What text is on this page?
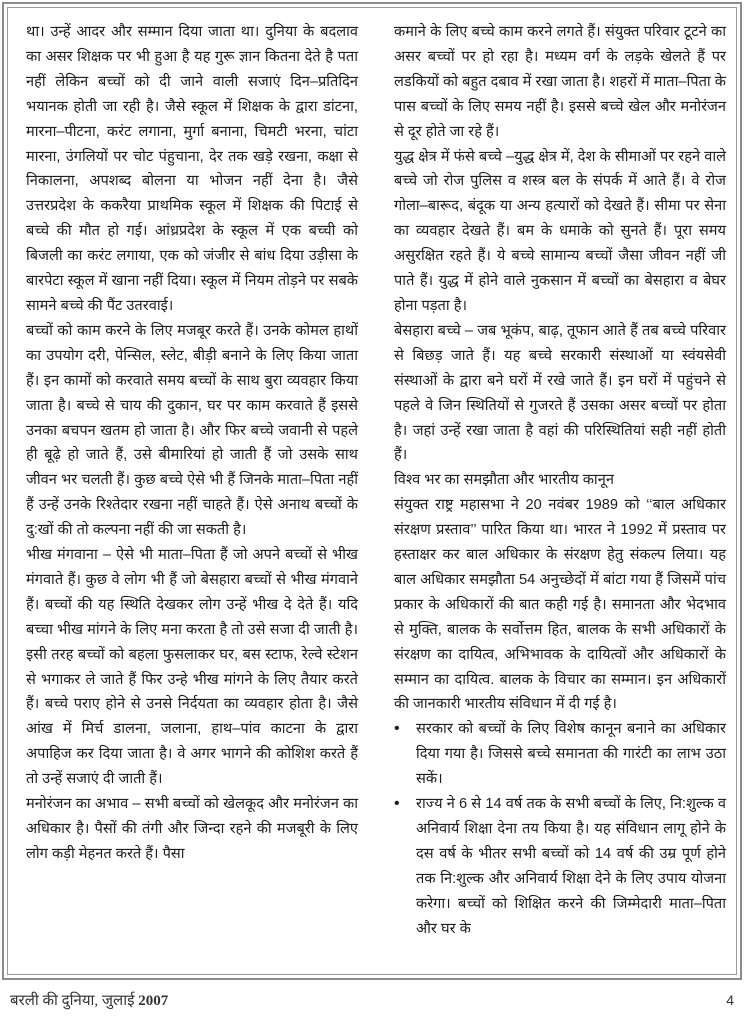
था। उन्हें आदर और सम्मान दिया जाता था। दुनिया के बदलाव का असर शिक्षक पर भी हुआ है यह गुरू ज्ञान कितना देते है पता नहीं लेकिन बच्चों को दी जाने वाली सजाएं दिन–प्रतिदिन भयानक होती जा रही है। जैसे स्कूल में शिक्षक के द्वारा डांटना, मारना–पीटना, करंट लगाना, मुर्गा बनाना, चिमटी भरना, चांटा मारना, उंगलियों पर चोट पंहुचाना, देर तक खड़े रखना, कक्षा से निकालना, अपशब्द बोलना या भोजन नहीं देना है। जैसे उत्तरप्रदेश के ककरैया प्राथमिक स्कूल में शिक्षक की पिटाई से बच्चे की मौत हो गई। आंध्रप्रदेश के स्कूल में एक बच्ची को बिजली का करंट लगाया, एक को जंजीर से बांध दिया उड़ीसा के बारपेटा स्कूल में खाना नहीं दिया। स्कूल में नियम तोड़ने पर सबके सामने बच्चे की पैंट उतरवाई।

बच्चों को काम करने के लिए मजबूर करते हैं। उनके कोमल हाथों का उपयोग दरी, पेन्सिल, स्लेट, बीड़ी बनाने के लिए किया जाता हैं। इन कामों को करवाते समय बच्चों के साथ बुरा व्यवहार किया जाता है। बच्चे से चाय की दुकान, घर पर काम करवाते हैं इससे उनका बचपन खतम हो जाता है। और फिर बच्चे जवानी से पहले ही बूढ़े हो जाते हैं, उसे बीमारियां हो जाती हैं जो उसके साथ जीवन भर चलती हैं। कुछ बच्चे ऐसे भी हैं जिनके माता–पिता नहीं हैं उन्हें उनके रिश्तेदार रखना नहीं चाहते हैं। ऐसे अनाथ बच्चों के दु:खों की तो कल्पना नहीं की जा सकती है।

भीख मंगवाना – ऐसे भी माता–पिता हैं जो अपने बच्चों से भीख मंगवाते हैं। कुछ वे लोग भी हैं जो बेसहारा बच्चों से भीख मंगवाने हैं। बच्चों की यह स्थिति देखकर लोग उन्हें भीख दे देते हैं। यदि बच्चा भीख मांगने के लिए मना करता है तो उसे सजा दी जाती है। इसी तरह बच्चों को बहला फुसलाकर घर, बस स्टाफ, रेल्वे स्टेशन से भगाकर ले जाते हैं फिर उन्हे भीख मांगने के लिए तैयार करते हैं। बच्चे पराए होने से उनसे निर्दयता का व्यवहार होता है। जैसे आंख में मिर्च डालना, जलाना, हाथ–पांव काटना के द्वारा अपाहिज कर दिया जाता है। वे अगर भागने की कोशिश करते हैं तो उन्हें सजाएं दी जाती हैं।

मनोरंजन का अभाव – सभी बच्चों को खेलकूद और मनोरंजन का अधिकार है। पैसों की तंगी और जिन्दा रहने की मजबूरी के लिए लोग कड़ी मेहनत करते हैं। पैसा

कमाने के लिए बच्चे काम करने लगते हैं। संयुक्त परिवार टूटने का असर बच्चों पर हो रहा है। मध्यम वर्ग के लड़के खेलते हैं पर लडकियों को बहुत दबाव में रखा जाता है। शहरों में माता–पिता के पास बच्चों के लिए समय नहीं है। इससे बच्चे खेल और मनोरंजन से दूर होते जा रहे हैं।

युद्ध क्षेत्र में फंसे बच्चे –युद्ध क्षेत्र में, देश के सीमाओं पर रहने वाले बच्चे जो रोज पुलिस व शस्त्र बल के संपर्क में आते हैं। वे रोज गोला–बारूद, बंदूक या अन्य हत्यारों को देखते हैं। सीमा पर सेना का व्यवहार देखते हैं। बम के धमाके को सुनते हैं। पूरा समय असुरक्षित रहते हैं। ये बच्चे सामान्य बच्चों जैसा जीवन नहीं जी पाते हैं। युद्ध में होने वाले नुकसान में बच्चों का बेसहारा व बेघर होना पड़ता है।

बेसहारा बच्चे – जब भूकंप, बाढ़, तूफान आते हैं तब बच्चे परिवार से बिछड़ जाते हैं। यह बच्चे सरकारी संस्थाओं या स्वंयसेवी संस्थाओं के द्वारा बने घरों में रखे जाते हैं। इन घरों में पहुंचने से पहले वे जिन स्थितियों से गुजरते हैं उसका असर बच्चों पर होता है। जहां उन्हें रखा जाता है वहां की परिस्थितियां सही नहीं होती हैं।

विश्व भर का समझौता और भारतीय कानून

संयुक्त राष्ट्र महासभा ने 20 नवंबर 1989 को ‘‘बाल अधिकार संरक्षण प्रस्ताव’’ पारित किया था। भारत ने 1992 में प्रस्ताव पर हस्ताक्षर कर बाल अधिकार के संरक्षण हेतु संकल्प लिया। यह बाल अधिकार समझौता 54 अनुच्छेदों में बांटा गया हैं जिसमें पांच प्रकार के अधिकारों की बात कही गई है। समानता और भेदभाव से मुक्ति, बालक के सर्वोत्तम हित, बालक के सभी अधिकारों के संरक्षण का दायित्व, अभिभावक के दायित्वों और अधिकारों के सम्मान का दायित्व. बालक के विचार का सम्मान। इन अधिकारों की जानकारी भारतीय संविधान में दी गई है।

•	सरकार को बच्चों के लिए विशेष कानून बनाने का अधिकार दिया गया है। जिससे बच्चे समानता की गारंटी का लाभ उठा सकें।
•	राज्य ने 6 से 14 वर्ष तक के सभी बच्चों के लिए, नि:शुल्क व अनिवार्य शिक्षा देना तय किया है। यह संविधान लागू होने के दस वर्ष के भीतर सभी बच्चों को 14 वर्ष की उम्र पूर्ण होने तक नि:शुल्क और अनिवार्य शिक्षा देने के लिए उपाय योजना करेगा। बच्चों को शिक्षित करने की जिम्मेदारी माता–पिता और घर के
बरली की दुनिया, जुलाई 2007	4
